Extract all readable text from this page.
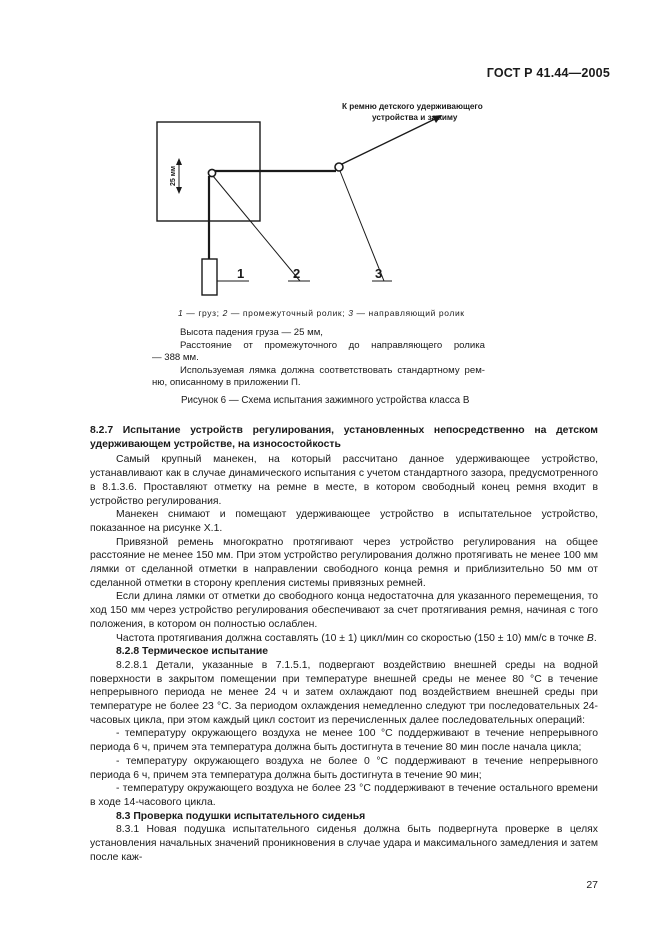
ГОСТ Р 41.44—2005
25 мм
1	2	3
К ремню детского удерживающего
устройства и зажиму
1 — груз; 2 — промежуточный ролик; 3 — направляющий ролик

Высота падения груза — 25 мм,

Расстояние от промежуточного до направляющего ролика

— 388 мм.

Используемая лямка должна соответствовать стандартному рем-

ню, описанному в приложении П.

Рисунок 6 — Схема испытания зажимного устройства класса B

8.2.7 Испытание устройств регулирования, установленных непосредственно на детском удерживающем устройстве, на износостойкость

Самый крупный манекен, на который рассчитано данное удерживающее устройство, устанавливают как в случае динамического испытания с учетом стандартного зазора, предусмотренного в 8.1.3.6. Проставляют отметку на ремне в месте, в котором свободный конец ремня входит в устройство регулирования.

Манекен снимают и помещают удерживающее устройство в испытательное устройство, показанное на рисунке Х.1.

Привязной ремень многократно протягивают через устройство регулирования на общее расстояние не менее 150 мм. При этом устройство регулирования должно протягивать не менее 100 мм лямки от сделанной отметки в направлении свободного конца ремня и приблизительно 50 мм от сделанной отметки в сторону крепления системы привязных ремней.

Если длина лямки от отметки до свободного конца недостаточна для указанного перемещения, то ход 150 мм через устройство регулирования обеспечивают за счет протягивания ремня, начиная с того положения, в котором он полностью ослаблен.

Частота протягивания должна составлять (10 ± 1) цикл/мин со скоростью (150 ± 10) мм/с в точке В.

8.2.8 Термическое испытание

8.2.8.1 Детали, указанные в 7.1.5.1, подвергают воздействию внешней среды на водной поверхности в закрытом помещении при температуре внешней среды не менее 80 °С в течение непрерывного периода не менее 24 ч и затем охлаждают под воздействием внешней среды при температуре не более 23 °С. За периодом охлаждения немедленно следуют три последовательных 24-часовых цикла, при этом каждый цикл состоит из перечисленных далее последовательных операций:

- температуру окружающего воздуха не менее 100 °С поддерживают в течение непрерывного периода 6 ч, причем эта температура должна быть достигнута в течение 80 мин после начала цикла;

- температуру окружающего воздуха не более 0 °С поддерживают в течение непрерывного периода 6 ч, причем эта температура должна быть достигнута в течение 90 мин;

- температуру окружающего воздуха не более 23 °С поддерживают в течение остального времени в ходе 14-часового цикла.

8.3 Проверка подушки испытательного сиденья

8.3.1 Новая подушка испытательного сиденья должна быть подвергнута проверке в целях установления начальных значений проникновения в случае удара и максимального замедления и затем после каж-

27
